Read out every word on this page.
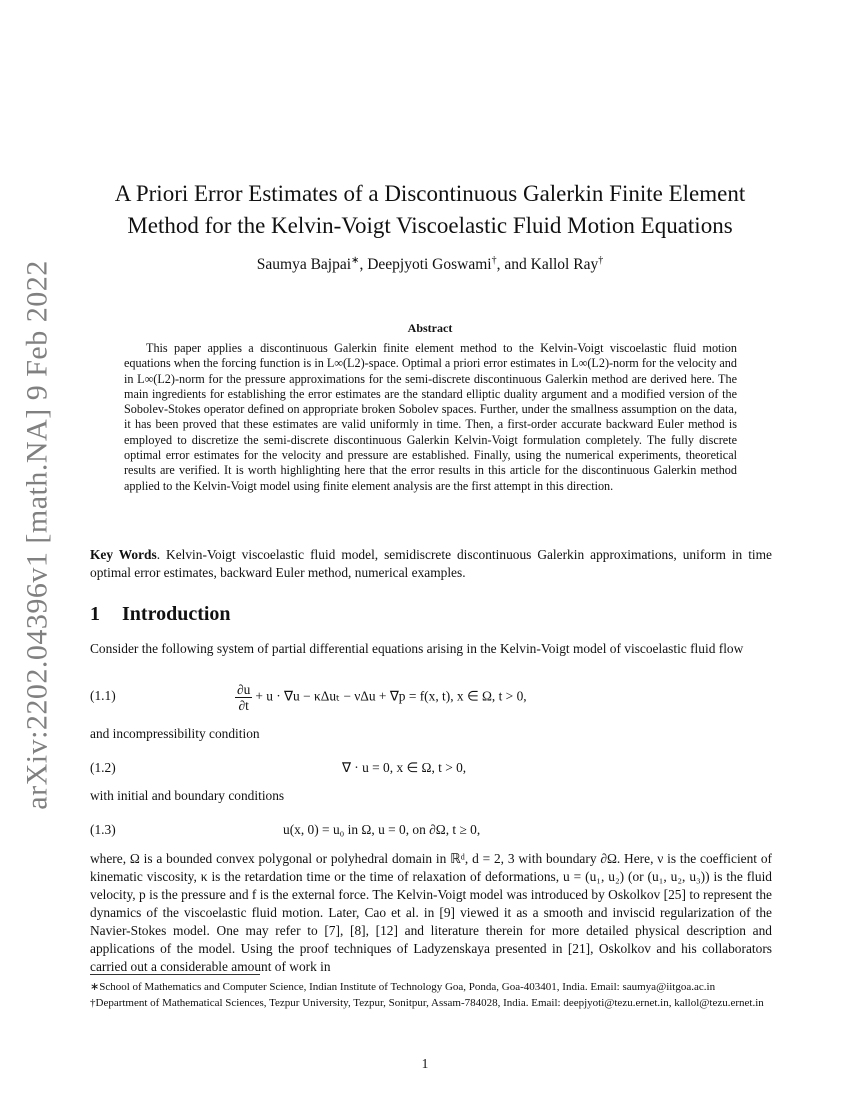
arXiv:2202.04396v1 [math.NA] 9 Feb 2022
A Priori Error Estimates of a Discontinuous Galerkin Finite Element
Method for the Kelvin-Voigt Viscoelastic Fluid Motion Equations
Saumya Bajpai∗, Deepjyoti Goswami†, and Kallol Ray†
Abstract
This paper applies a discontinuous Galerkin finite element method to the Kelvin-Voigt viscoelastic fluid motion equations when the forcing function is in L∞(L2)-space. Optimal a priori error estimates in L∞(L2)-norm for the velocity and in L∞(L2)-norm for the pressure approximations for the semi-discrete discontinuous Galerkin method are derived here. The main ingredients for establishing the error estimates are the standard elliptic duality argument and a modified version of the Sobolev-Stokes operator defined on appropriate broken Sobolev spaces. Further, under the smallness assumption on the data, it has been proved that these estimates are valid uniformly in time. Then, a first-order accurate backward Euler method is employed to discretize the semi-discrete discontinuous Galerkin Kelvin-Voigt formulation completely. The fully discrete optimal error estimates for the velocity and pressure are established. Finally, using the numerical experiments, theoretical results are verified. It is worth highlighting here that the error results in this article for the discontinuous Galerkin method applied to the Kelvin-Voigt model using finite element analysis are the first attempt in this direction.
Key Words. Kelvin-Voigt viscoelastic fluid model, semidiscrete discontinuous Galerkin approximations, uniform in time optimal error estimates, backward Euler method, numerical examples.
1 Introduction
Consider the following system of partial differential equations arising in the Kelvin-Voigt model of viscoelastic fluid flow
(1.1)	$\frac{\partial u}{\partial t} + u \cdot \nabla u - \kappa\Delta u_t - \nu\Delta u + \nabla p = f(x$, t), x ∈ Ω, t > 0,
and incompressibility condition
(1.2)	∇ · u = 0, x ∈ Ω, t > 0,
with initial and boundary conditions
(1.3)	u(x, 0) = u₀ in Ω, u = 0, on ∂Ω, t ≥ 0,
where, Ω is a bounded convex polygonal or polyhedral domain in ℝᵈ, d = 2, 3 with boundary ∂Ω. Here, ν is the coefficient of kinematic viscosity, κ is the retardation time or the time of relaxation of deformations, u = (u₁, u₂) (or (u₁, u₂, u₃)) is the fluid velocity, p is the pressure and f is the external force. The Kelvin-Voigt model was introduced by Oskolkov [25] to represent the dynamics of the viscoelastic fluid motion. Later, Cao et al. in [9] viewed it as a smooth and inviscid regularization of the Navier-Stokes model. One may refer to [7], [8], [12] and literature therein for more detailed physical description and applications of the model. Using the proof techniques of Ladyzenskaya presented in [21], Oskolkov and his collaborators carried out a considerable amount of work in

∗School of Mathematics and Computer Science, Indian Institute of Technology Goa, Ponda, Goa-403401, India. Email: saumya@iitgoa.ac.in

†Department of Mathematical Sciences, Tezpur University, Tezpur, Sonitpur, Assam-784028, India. Email: deepjyoti@tezu.ernet.in, kallol@tezu.ernet.in

1
